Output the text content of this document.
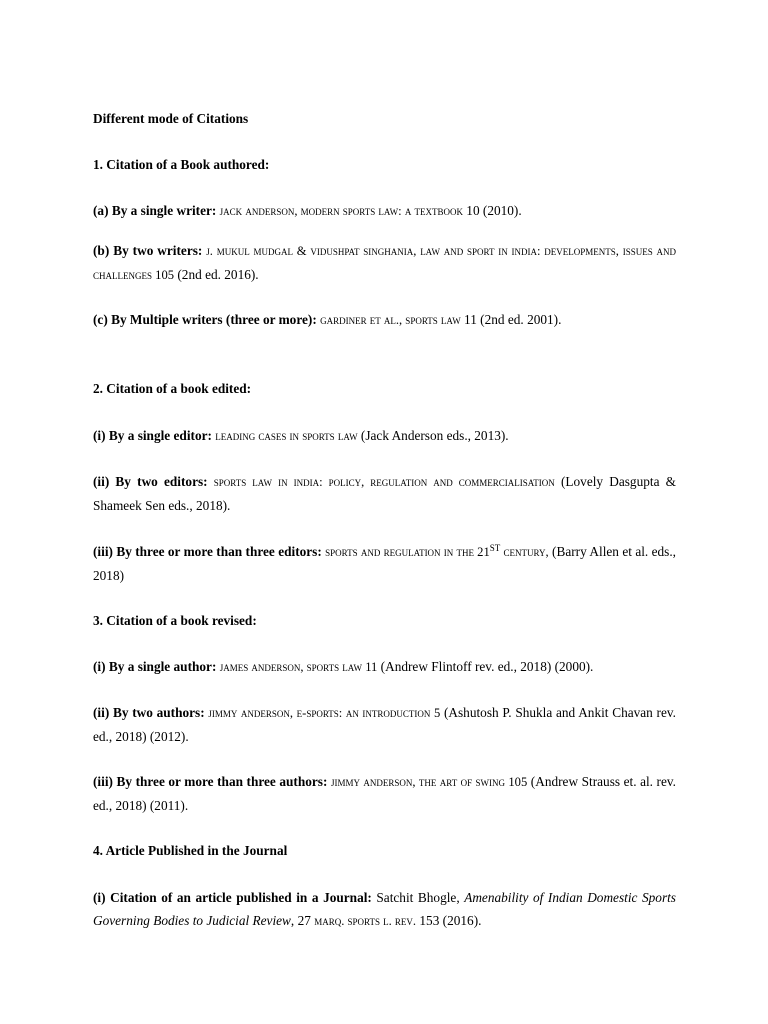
Different mode of Citations
1. Citation of a Book authored:
(a) By a single writer: jack anderson, modern sports law: a textbook 10 (2010).
(b) By two writers: j. mukul mudgal & vidushpat singhania, law and sport in india: developments, issues and challenges 105 (2nd ed. 2016).
(c) By Multiple writers (three or more): gardiner et al., sports law 11 (2nd ed. 2001).
2. Citation of a book edited:
(i) By a single editor: leading cases in sports law (Jack Anderson eds., 2013).
(ii) By two editors: sports law in india: policy, regulation and commercialisation (Lovely Dasgupta & Shameek Sen eds., 2018).
(iii) By three or more than three editors: sports and regulation in the 21st century, (Barry Allen et al. eds., 2018)
3. Citation of a book revised:
(i) By a single author: james anderson, sports law 11 (Andrew Flintoff rev. ed., 2018) (2000).
(ii) By two authors: jimmy anderson, e-sports: an introduction 5 (Ashutosh P. Shukla and Ankit Chavan rev. ed., 2018) (2012).
(iii) By three or more than three authors: jimmy anderson, the art of swing 105 (Andrew Strauss et. al. rev. ed., 2018) (2011).
4. Article Published in the Journal
(i) Citation of an article published in a Journal: Satchit Bhogle, Amenability of Indian Domestic Sports Governing Bodies to Judicial Review, 27 marq. sports l. rev. 153 (2016).
